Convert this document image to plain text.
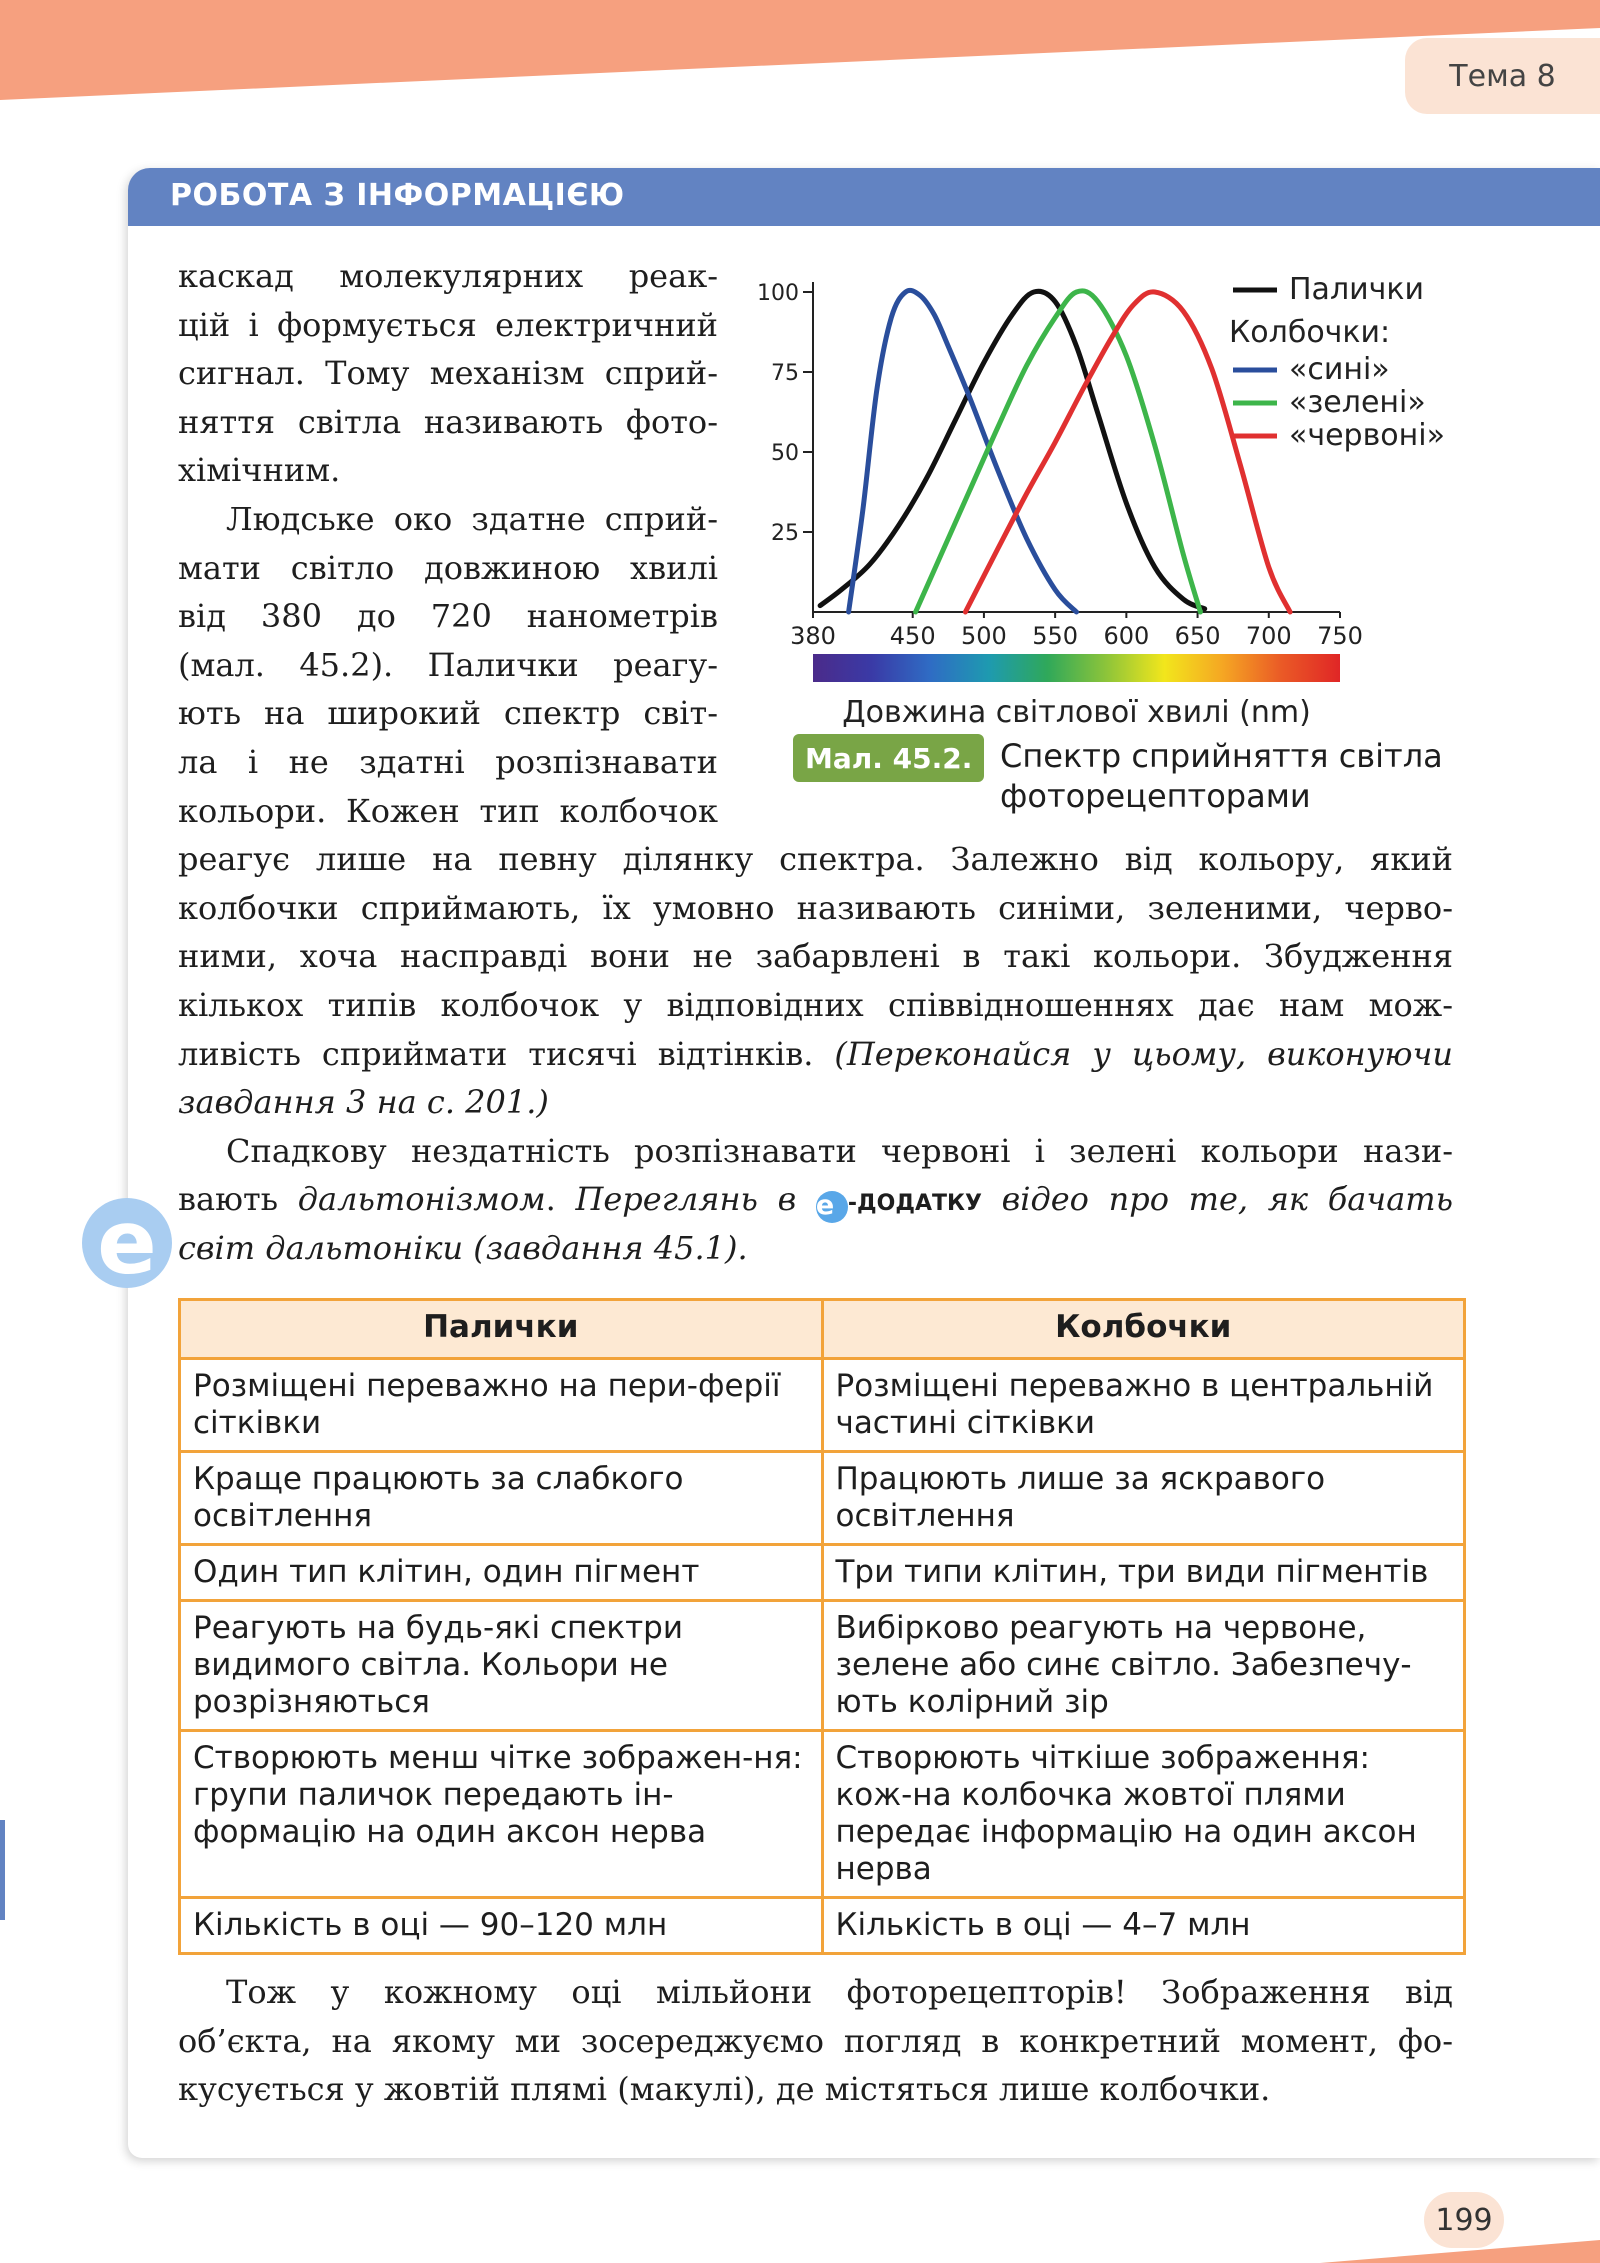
Тема 8
РОБОТА З ІНФОРМАЦІЄЮ
каскад молекулярних реак-
цій і формується електричний
сигнал. Тому механізм сприй-
няття світла називають фото-
хімічним.
Людське око здатне сприй-
мати світло довжиною хвилі
від 380 до 720 нанометрів
(мал. 45.2). Палички реагу-
ють на широкий спектр світ-
ла і не здатні розпізнавати
кольори. Кожен тип колбочок
реагує лише на певну ділянку спектра. Залежно від кольору, який
колбочки сприймають, їх умовно називають синіми, зеленими, черво-
ними, хоча насправді вони не забарвлені в такі кольори. Збудження
кількох типів колбочок у відповідних співвідношеннях дає нам мож-
ливість сприймати тисячі відтінків. (Переконайся у цьому, виконуючи
завдання 3 на с. 201.)
Спадкову нездатність розпізнавати червоні і зелені кольори нази-
вають дальтонізмом. Переглянь в e -ДОДАТКУ відео про те, як бачать
світ дальтоніки (завдання 45.1).
e
100
75
50
25
380 450 500 550 600 650 700 750
Довжина світлової хвилі (nm)
Палички
Колбочки:
«сині»
«зелені»
«червоні»
Мал. 45.2. Спектр сприйняття світла фоторецепторами
Палички	Колбочки
Розміщені переважно на пери-ферії сітківки	Розміщені переважно в центральній частині сітківки
Краще працюють за слабкого освітлення	Працюють лише за яскравого освітлення
Один тип клітин, один пігмент	Три типи клітин, три види пігментів
Реагують на будь-які спектри видимого світла. Кольори не розрізняються	Вибірково реагують на червоне, зелене або синє світло. Забезпечу-ють колірний зір
Створюють менш чітке зображен-ня: групи паличок передають ін-формацію на один аксон нерва	Створюють чіткіше зображення: кож-на колбочка жовтої плями передає інформацію на один аксон нерва
Кількість в оці — 90–120 млн	Кількість в оці — 4–7 млн
Тож у кожному оці мільйони фоторецепторів! Зображення від
об’єкта, на якому ми зосереджуємо погляд в конкретний момент, фо-
кусується у жовтій плямі (макулі), де містяться лише колбочки.
199
